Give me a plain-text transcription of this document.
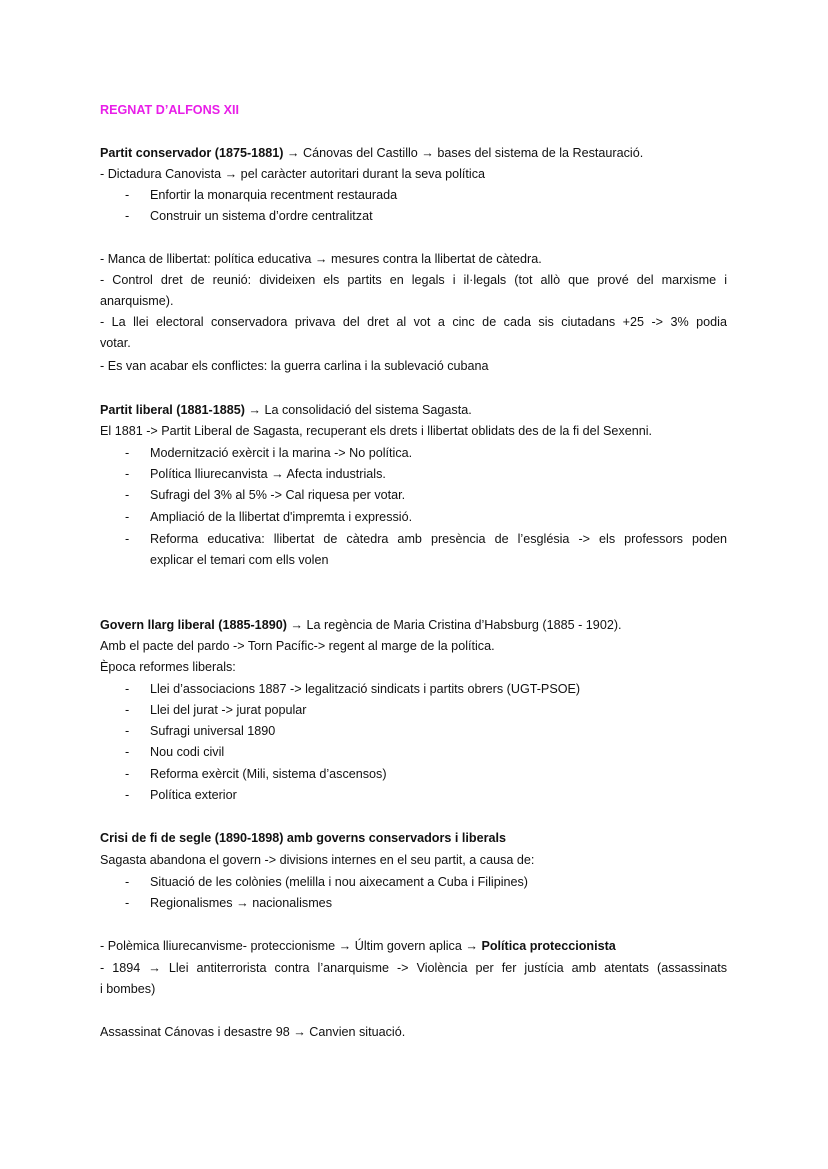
REGNAT D’ALFONS XII
Partit conservador (1875-1881) → Cánovas del Castillo → bases del sistema de la Restauració.
- Dictadura Canovista → pel caràcter autoritari durant la seva política
- Enfortir la monarquia recentment restaurada
- Construir un sistema d’ordre centralitzat
- Manca de llibertat: política educativa → mesures contra la llibertat de càtedra.
- Control dret de reunió: divideixen els partits en legals i il·legals (tot allò que prové del marxisme i
anarquisme).
- La llei electoral conservadora privava del dret al vot a cinc de cada sis ciutadans +25 -> 3% podia
votar.
- Es van acabar els conflictes: la guerra carlina i la sublevació cubana
Partit liberal (1881-1885) → La consolidació del sistema Sagasta.
El 1881 -> Partit Liberal de Sagasta, recuperant els drets i llibertat oblidats des de la fi del Sexenni.
- Modernització exèrcit i la marina -> No política.
- Política lliurecanvista → Afecta industrials.
- Sufragi del 3% al 5% -> Cal riquesa per votar.
- Ampliació de la llibertat d'impremta i expressió.
- Reforma educativa: llibertat de càtedra amb presència de l’església -> els professors poden
explicar el temari com ells volen
Govern llarg liberal (1885-1890) → La regència de Maria Cristina d’Habsburg (1885 - 1902).
Amb el pacte del pardo -> Torn Pacífic-> regent al marge de la política.
Època reformes liberals:
- Llei d’associacions 1887 -> legalització sindicats i partits obrers (UGT-PSOE)
- Llei del jurat -> jurat popular
- Sufragi universal 1890
- Nou codi civil
- Reforma exèrcit (Mili, sistema d’ascensos)
- Política exterior
Crisi de fi de segle (1890-1898) amb governs conservadors i liberals
Sagasta abandona el govern -> divisions internes en el seu partit, a causa de:
- Situació de les colònies (melilla i nou aixecament a Cuba i Filipines)
- Regionalismes → nacionalismes
- Polèmica lliurecanvisme- proteccionisme → Últim govern aplica → Política proteccionista
- 1894 → Llei antiterrorista contra l’anarquisme -> Violència per fer justícia amb atentats (assassinats
i bombes)
Assassinat Cánovas i desastre 98 → Canvien situació.
